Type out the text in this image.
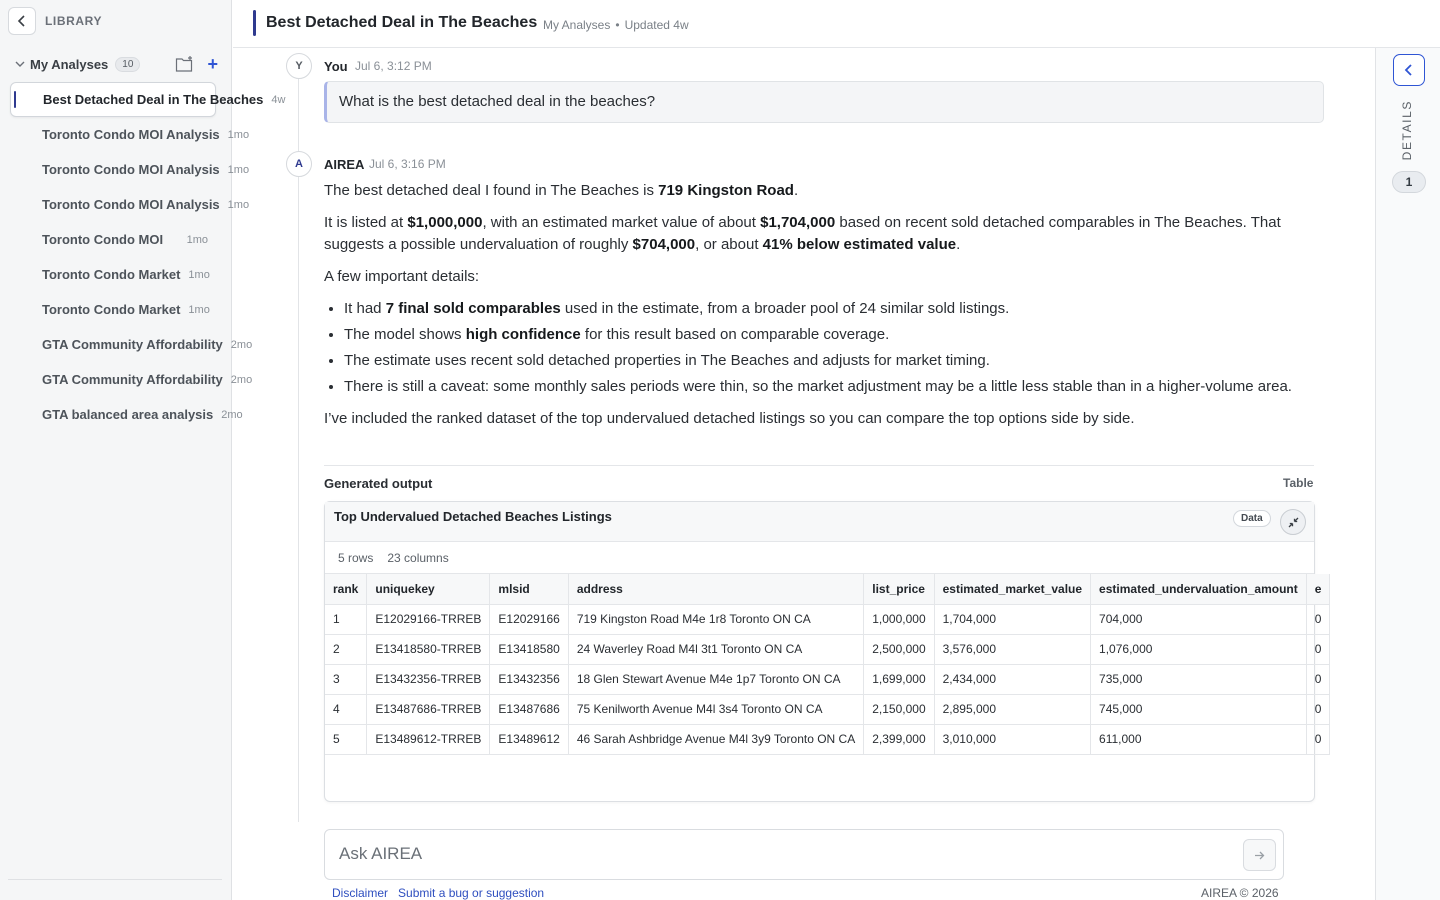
LIBRARY
My Analyses	10	+
Best Detached Deal in The Beaches 4w
Toronto Condo MOI Analysis 1mo
Toronto Condo MOI Analysis 1mo
Toronto Condo MOI Analysis 1mo
Toronto Condo MOI	1mo
Toronto Condo Market 1mo
Toronto Condo Market 1mo
GTA Community Affordability 2mo
GTA Community Affordability 2mo
GTA balanced area analysis 2mo
Best Detached Deal in The Beaches My Analyses • Updated 4w
Y	You Jul 6, 3:12 PM
What is the best detached deal in the beaches?
A	AIREA Jul 6, 3:16 PM

The best detached deal I found in The Beaches is 719 Kingston Road.

It is listed at $1,000,000, with an estimated market value of about $1,704,000 based on recent sold detached comparables in The Beaches. That suggests a possible undervaluation of roughly $704,000, or about 41% below estimated value.

A few important details:

• It had 7 final sold comparables used in the estimate, from a broader pool of 24 similar sold listings.
• The model shows high confidence for this result based on comparable coverage.
• The estimate uses recent sold detached properties in The Beaches and adjusts for market timing.
• There is still a caveat: some monthly sales periods were thin, so the market adjustment may be a little less stable than in a higher-volume area.

I’ve included the ranked dataset of the top undervalued detached listings so you can compare the top options side by side.

Generated output	Table
Top Undervalued Detached Beaches Listings	Data
5 rows 23 columns
rank	uniquekey	mlsid	address	list_price	estimated_market_value	estimated_undervaluation_amount	e
1	E12029166-TRREB	E12029166	719 Kingston Road M4e 1r8 Toronto ON CA	1,000,000	1,704,000	704,000	0
2	E13418580-TRREB	E13418580	24 Waverley Road M4l 3t1 Toronto ON CA	2,500,000	3,576,000	1,076,000	0
3	E13432356-TRREB	E13432356	18 Glen Stewart Avenue M4e 1p7 Toronto ON CA	1,699,000	2,434,000	735,000	0
4	E13487686-TRREB	E13487686	75 Kenilworth Avenue M4l 3s4 Toronto ON CA	2,150,000	2,895,000	745,000	0
5	E13489612-TRREB	E13489612	46 Sarah Ashbridge Avenue M4l 3y9 Toronto ON CA	2,399,000	3,010,000	611,000	0
Ask AIREA
Disclaimer Submit a bug or suggestion	AIREA © 2026
DETAILS
1
